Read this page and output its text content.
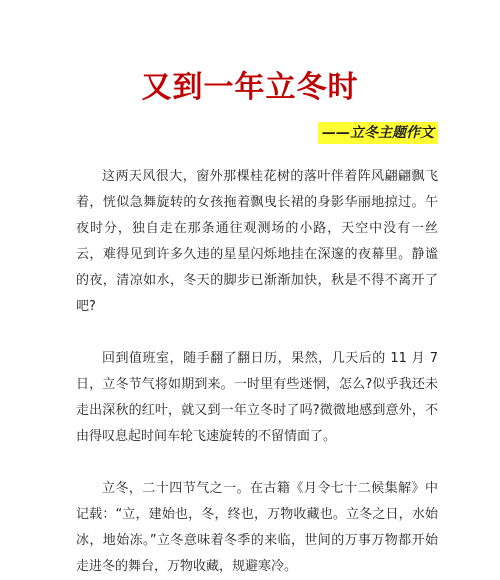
又到一年立冬时
——立冬主题作文

这两天风很大，窗外那棵桂花树的落叶伴着阵风翩翩飘飞着，恍似急舞旋转的女孩拖着飘曳长裙的身影华丽地掠过。午夜时分，独自走在那条通往观测场的小路，天空中没有一丝云，难得见到许多久违的星星闪烁地挂在深邃的夜幕里。静谧的夜，清凉如水，冬天的脚步已渐渐加快，秋是不得不离开了吧?

回到值班室，随手翻了翻日历，果然，几天后的 11 月 7 日，立冬节气将如期到来。一时里有些迷惘，怎么?似乎我还未走出深秋的红叶，就又到一年立冬时了吗?微微地感到意外，不由得叹息起时间车轮飞速旋转的不留情面了。

立冬，二十四节气之一。在古籍《月令七十二候集解》中记载：“立，建始也，冬，终也，万物收藏也。立冬之日，水始冰，地始冻。”立冬意味着冬季的来临，世间的万事万物都开始走进冬的舞台，万物收藏，规避寒冷。
